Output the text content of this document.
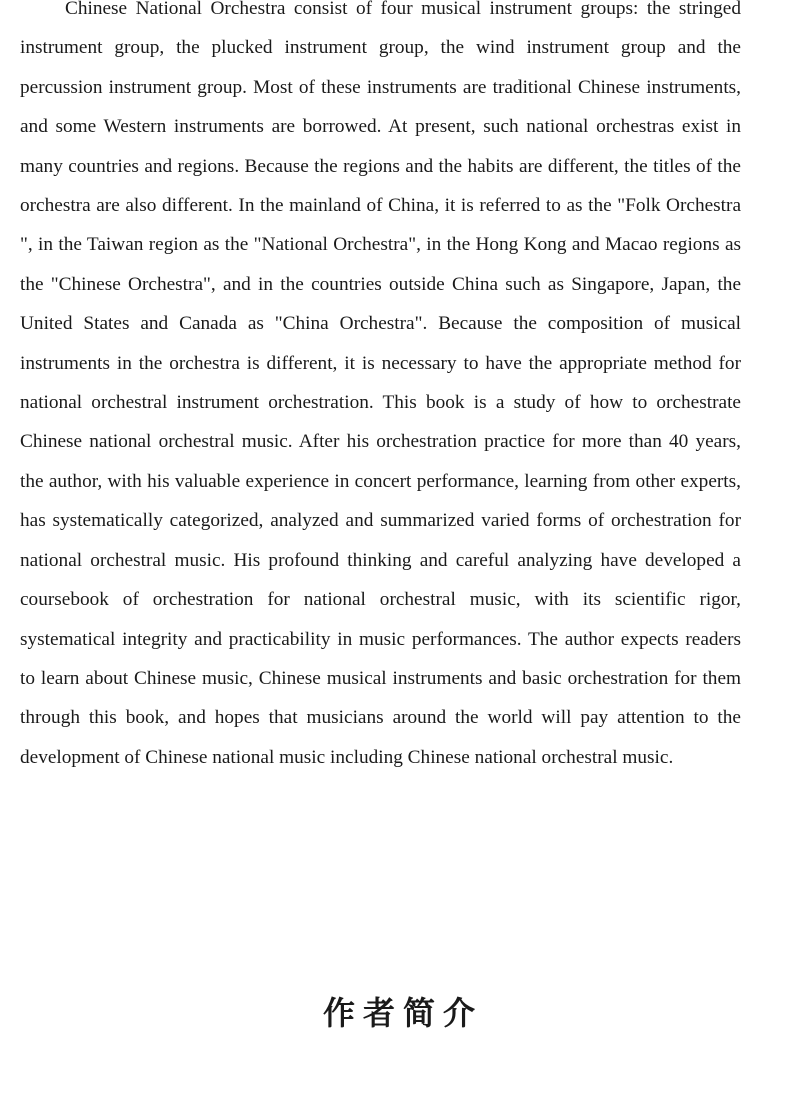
Chinese National Orchestra consist of four musical instrument groups: the stringed instrument group, the plucked instrument group, the wind instrument group and the percussion instrument group. Most of these instruments are traditional Chinese instruments, and some Western instruments are borrowed. At present, such national orchestras exist in many countries and regions. Because the regions and the habits are different, the titles of the orchestra are also different. In the mainland of China, it is referred to as the "Folk Orchestra ", in the Taiwan region as the "National Orchestra", in the Hong Kong and Macao regions as the "Chinese Orchestra", and in the countries outside China such as Singapore, Japan, the United States and Canada as "China Orchestra". Because the composition of musical instruments in the orchestra is different, it is necessary to have the appropriate method for national orchestral instrument orchestration. This book is a study of how to orchestrate Chinese national orchestral music. After his orchestration practice for more than 40 years, the author, with his valuable experience in concert performance, learning from other experts, has systematically categorized, analyzed and summarized varied forms of orchestration for national orchestral music. His profound thinking and careful analyzing have developed a coursebook of orchestration for national orchestral music, with its scientific rigor, systematical integrity and practicability in music performances. The author expects readers to learn about Chinese music, Chinese musical instruments and basic orchestration for them through this book, and hopes that musicians around the world will pay attention to the development of Chinese national music including Chinese national orchestral music.

作者简介
